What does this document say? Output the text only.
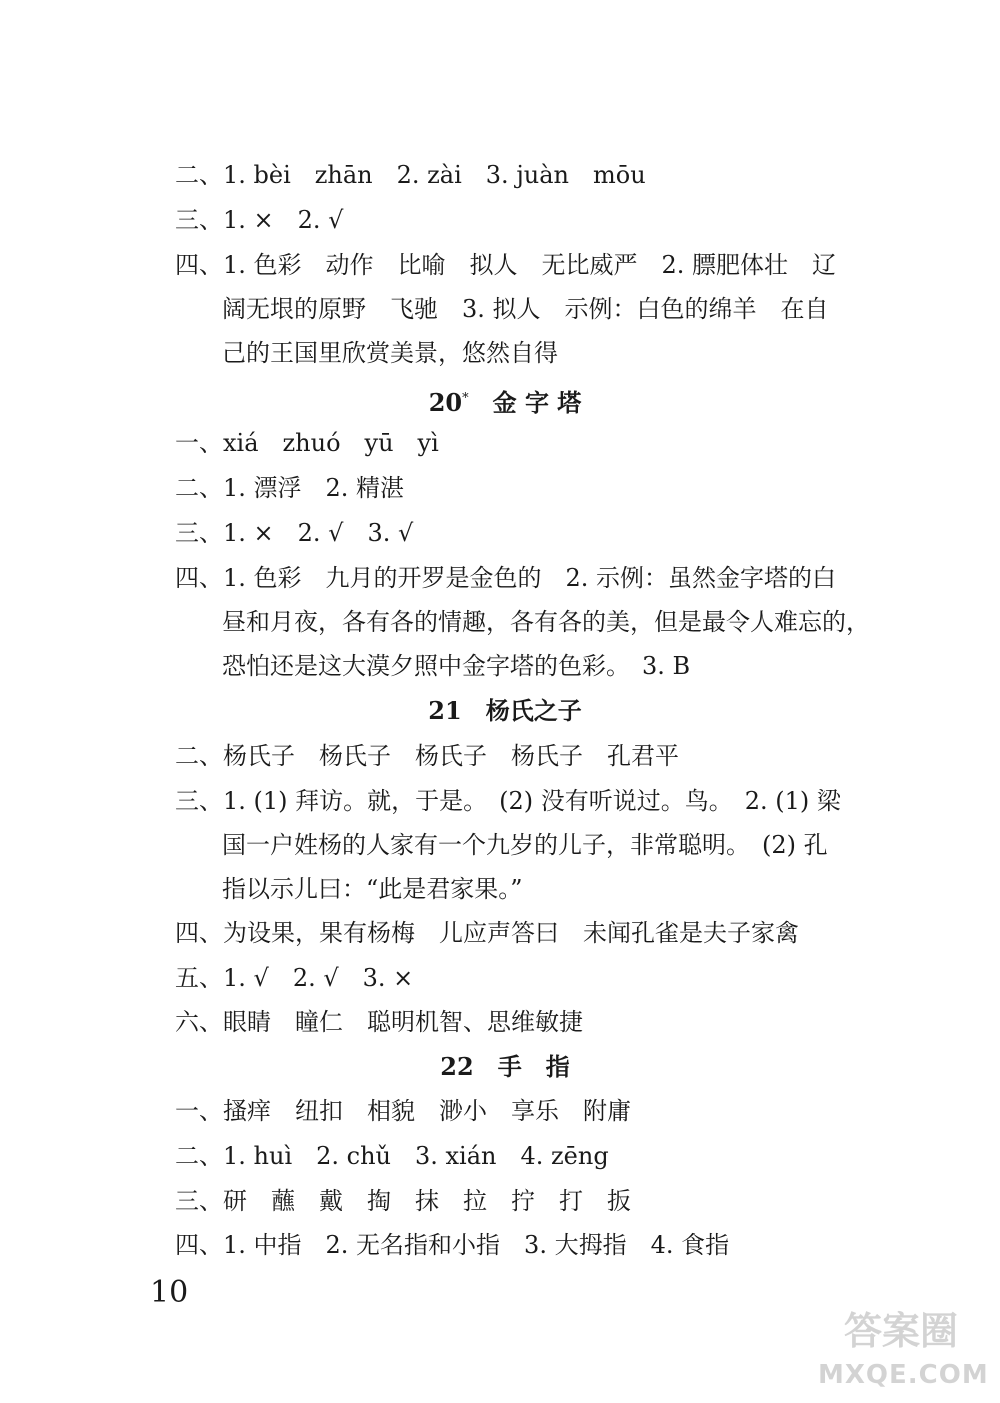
二、1. bèi　zhān　2. zài　3. juàn　mōu
三、1. ×　2. √
四、1. 色彩　动作　比喻　拟人　无比威严　2. 膘肥体壮　辽
阔无垠的原野　飞驰　3. 拟人　示例：白色的绵羊　在自
己的王国里欣赏美景，悠然自得
20*　 金 字 塔
一、xiá　zhuó　yū　yì
二、1. 漂浮　2. 精湛
三、1. ×　2. √　3. √
四、1. 色彩　九月的开罗是金色的　2. 示例：虽然金字塔的白
昼和月夜，各有各的情趣，各有各的美，但是最令人难忘的，
恐怕还是这大漠夕照中金字塔的色彩。　3. B
21　杨氏之子
二、杨氏子　杨氏子　杨氏子　杨氏子　孔君平
三、1. (1) 拜访。就，于是。　(2) 没有听说过。鸟。　2. (1) 梁
国一户姓杨的人家有一个九岁的儿子，非常聪明。　(2) 孔
指以示儿曰：“此是君家果。”
四、为设果，果有杨梅　儿应声答曰　未闻孔雀是夫子家禽
五、1. √　2. √　3. ×
六、眼睛　瞳仁　聪明机智、思维敏捷
22　手　指
一、搔痒　纽扣　相貌　渺小　享乐　附庸
二、1. huì　2. chǔ　3. xián　4. zēng
三、研　蘸　戴　掏　抹　拉　拧　打　扳
四、1. 中指　2. 无名指和小指　3. 大拇指　4. 食指
10
答案圈
MXQE.COM
